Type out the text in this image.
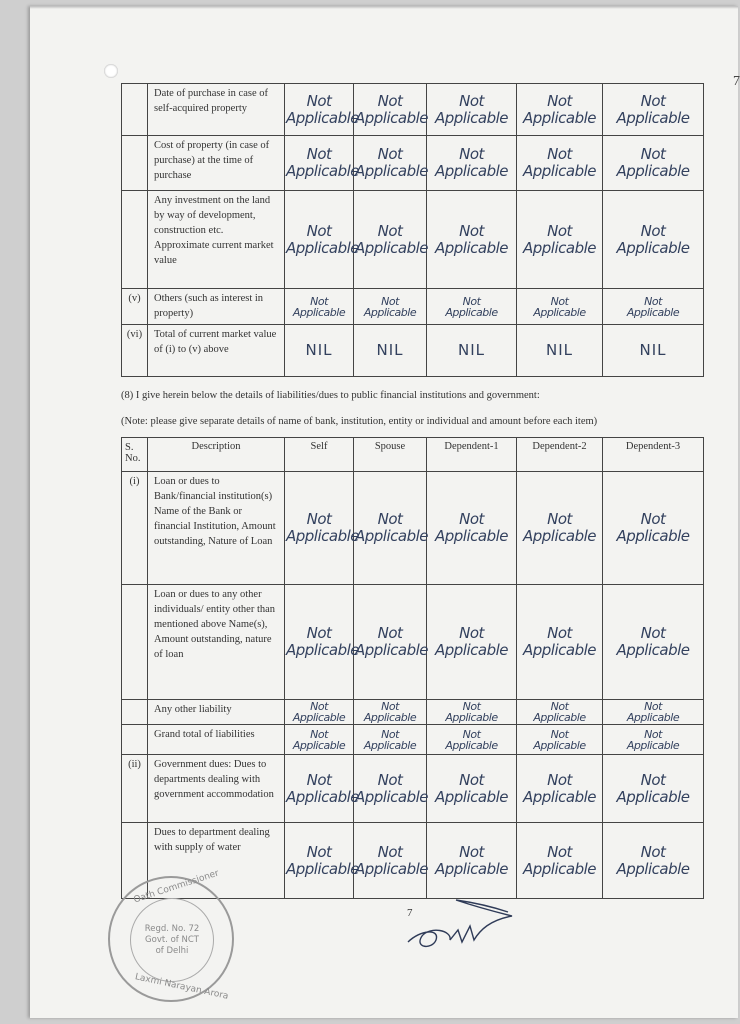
7
	Date of purchase in case of self-acquired property	Not Applicable	Not Applicable	Not Applicable	Not Applicable	Not Applicable

	Cost of property (in case of purchase) at the time of purchase	Not Applicable	Not Applicable	Not Applicable	Not Applicable	Not Applicable

	Any investment on the land by way of development, construction etc. Approximate current market value	Not Applicable	Not Applicable	Not Applicable	Not Applicable	Not Applicable

(v)	Others (such as interest in property)	Not Applicable	Not Applicable	Not Applicable	Not Applicable	Not Applicable

(vi)	Total of current market value of (i) to (v) above	NIL	NIL	NIL	NIL	NIL
(8) I give herein below the details of liabilities/dues to public financial institutions and government:
(Note: please give separate details of name of bank, institution, entity or individual and amount before each item)
S. No.	Description	Self	Spouse	Dependent-1	Dependent-2	Dependent-3
(i)	Loan or dues to Bank/financial institution(s) Name of the Bank or financial Institution, Amount outstanding, Nature of Loan	Not Applicable	Not Applicable	Not Applicable	Not Applicable	Not Applicable

	Loan or dues to any other individuals/ entity other than mentioned above Name(s), Amount outstanding, nature of loan	Not Applicable	Not Applicable	Not Applicable	Not Applicable	Not Applicable

	Any other liability	Not Applicable	Not Applicable	Not Applicable	Not Applicable	Not Applicable

	Grand total of liabilities	Not Applicable	Not Applicable	Not Applicable	Not Applicable	Not Applicable

(ii)	Government dues: Dues to departments dealing with government accommodation	Not Applicable	Not Applicable	Not Applicable	Not Applicable	Not Applicable

	Dues to department dealing with supply of water	Not Applicable	Not Applicable	Not Applicable	Not Applicable	Not Applicable
7
Oath Commissioner
Regd. No. 72
Govt. of NCT
of Delhi
Laxmi Narayan Arora
